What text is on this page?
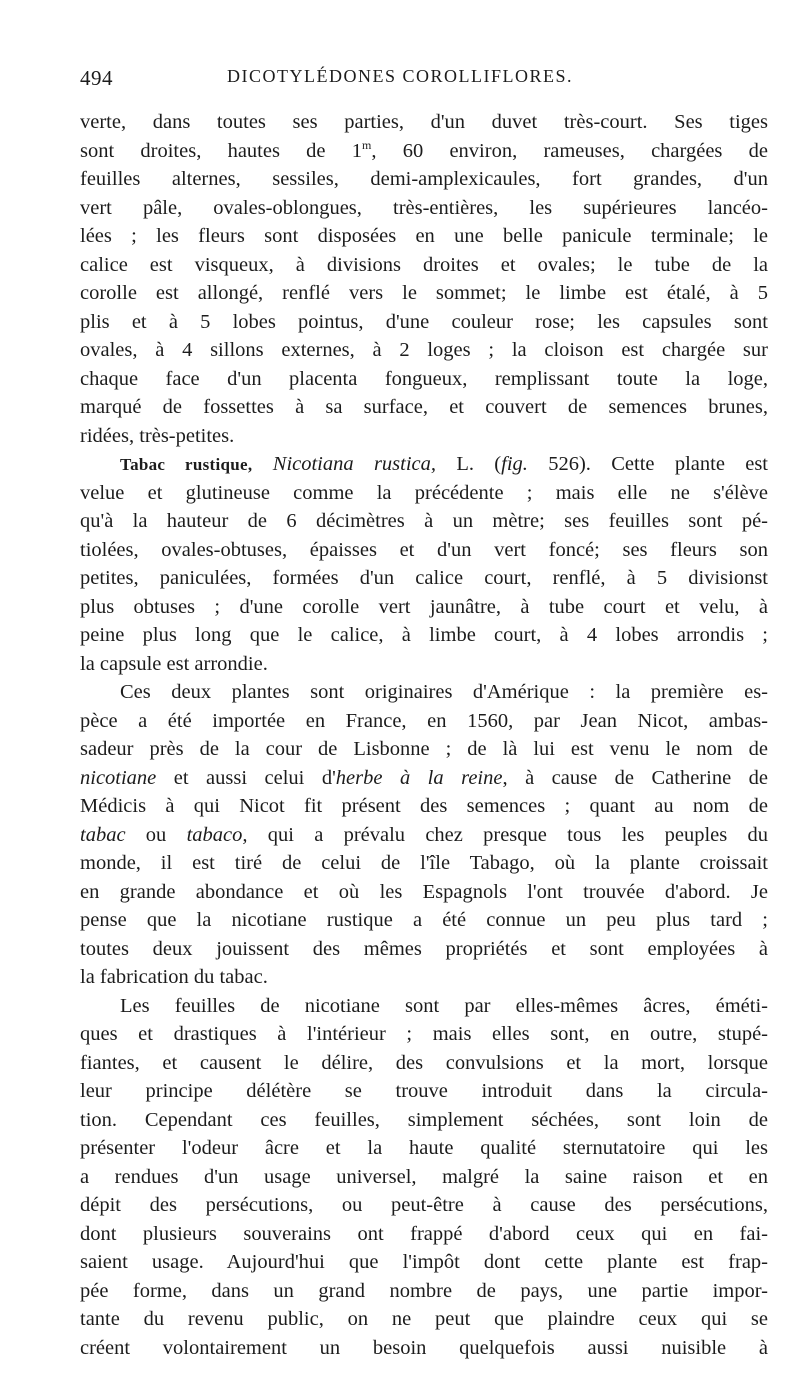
494	DICOTYLÉDONES COROLLIFLORES.
verte, dans toutes ses parties, d'un duvet très-court. Ses tiges
sont droites, hautes de 1$^m$, 60 environ, rameuses, chargées de
feuilles alternes, sessiles, demi-amplexicaules, fort grandes, d'un
vert pâle, ovales-oblongues, très-entières, les supérieures lancéo-
lées ; les fleurs sont disposées en une belle panicule terminale; le
calice est visqueux, à divisions droites et ovales; le tube de la
corolle est allongé, renflé vers le sommet; le limbe est étalé, à 5
plis et à 5 lobes pointus, d'une couleur rose; les capsules sont
ovales, à 4 sillons externes, à 2 loges ; la cloison est chargée sur
chaque face d'un placenta fongueux, remplissant toute la loge,
marqué de fossettes à sa surface, et couvert de semences brunes,
ridées, très-petites.
Tabac rustique, Nicotiana rustica, L. (fig. 526). Cette plante est
velue et glutineuse comme la précédente ; mais elle ne s'élève
qu'à la hauteur de 6 décimètres à un mètre; ses feuilles sont pé-
tiolées, ovales-obtuses, épaisses et d'un vert foncé; ses fleurs son
petites, paniculées, formées d'un calice court, renflé, à 5 divisionst
plus obtuses ; d'une corolle vert jaunâtre, à tube court et velu, à
peine plus long que le calice, à limbe court, à 4 lobes arrondis ;
la capsule est arrondie.
Ces deux plantes sont originaires d'Amérique : la première es-
pèce a été importée en France, en 1560, par Jean Nicot, ambas-
sadeur près de la cour de Lisbonne ; de là lui est venu le nom de
nicotiane et aussi celui d'herbe à la reine, à cause de Catherine de
Médicis à qui Nicot fit présent des semences ; quant au nom de
tabac ou tabaco, qui a prévalu chez presque tous les peuples du
monde, il est tiré de celui de l'île Tabago, où la plante croissait
en grande abondance et où les Espagnols l'ont trouvée d'abord. Je
pense que la nicotiane rustique a été connue un peu plus tard ;
toutes deux jouissent des mêmes propriétés et sont employées à
la fabrication du tabac.
Les feuilles de nicotiane sont par elles-mêmes âcres, éméti-
ques et drastiques à l'intérieur ; mais elles sont, en outre, stupé-
fiantes, et causent le délire, des convulsions et la mort, lorsque
leur principe délétère se trouve introduit dans la circula-
tion. Cependant ces feuilles, simplement séchées, sont loin de
présenter l'odeur âcre et la haute qualité sternutatoire qui les
a rendues d'un usage universel, malgré la saine raison et en
dépit des persécutions, ou peut-être à cause des persécutions,
dont plusieurs souverains ont frappé d'abord ceux qui en fai-
saient usage. Aujourd'hui que l'impôt dont cette plante est frap-
pée forme, dans un grand nombre de pays, une partie impor-
tante du revenu public, on ne peut que plaindre ceux qui se
créent volontairement un besoin quelquefois aussi nuisible à
